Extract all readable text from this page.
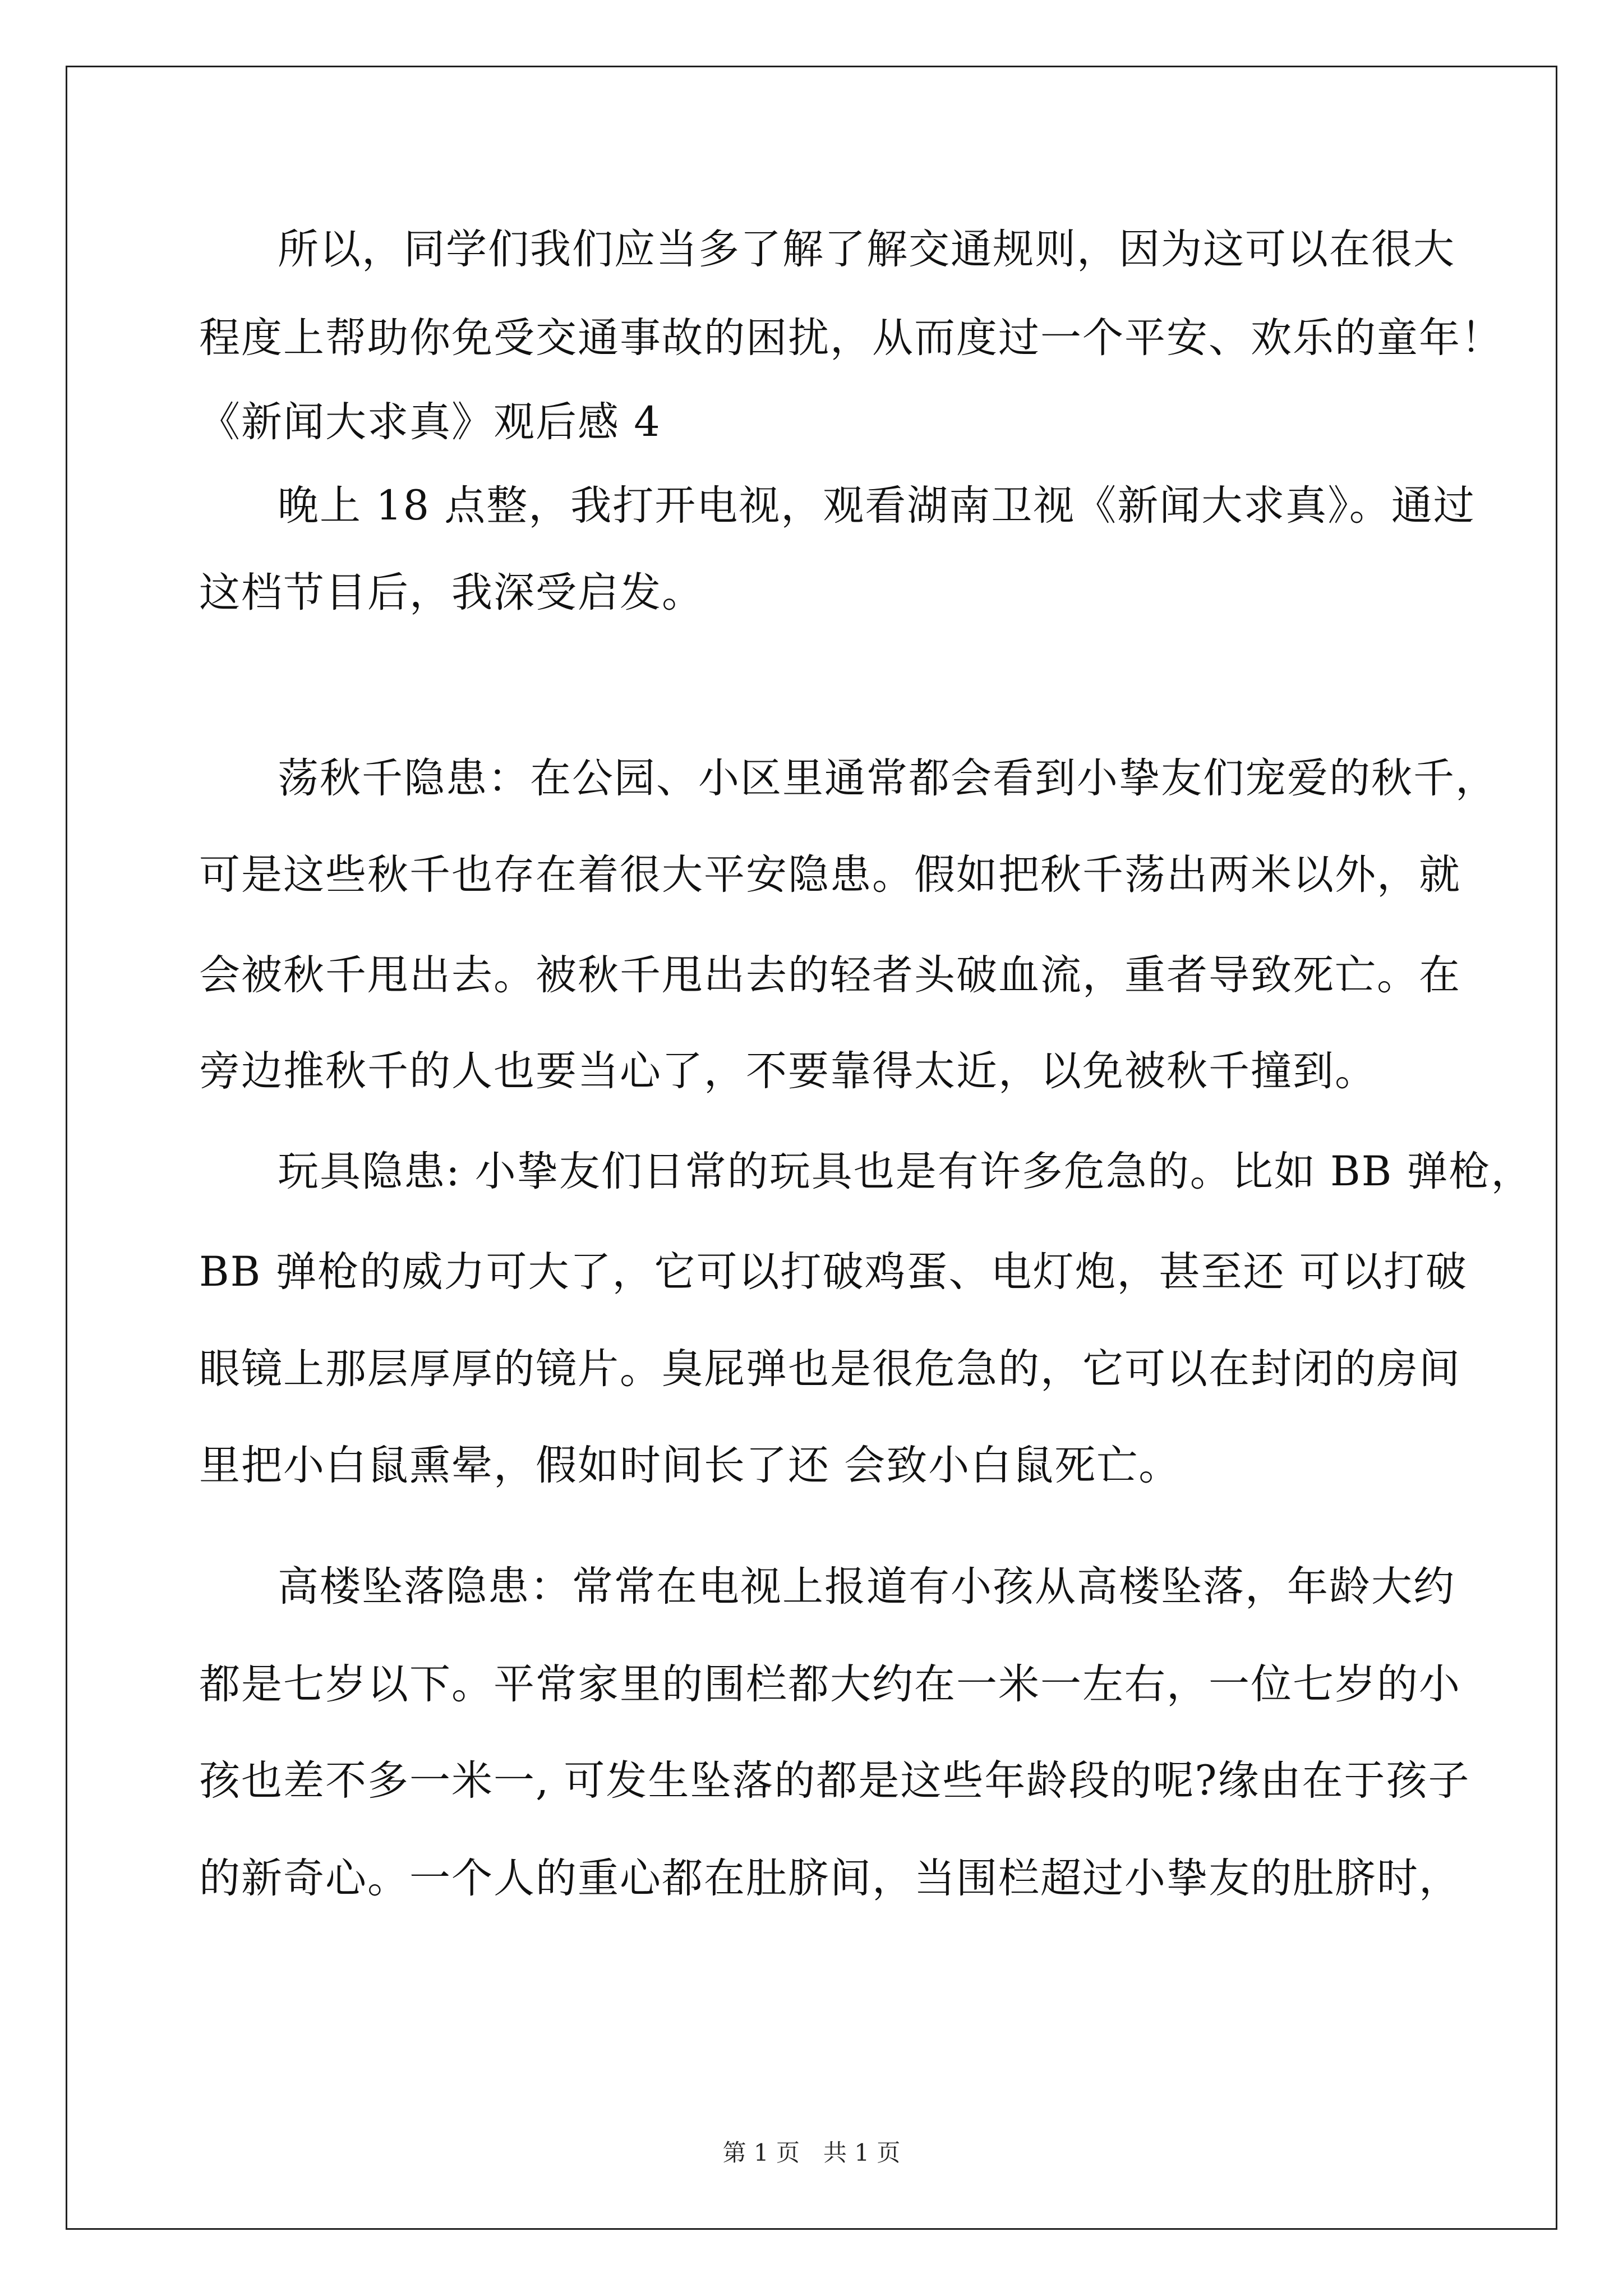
所以，同学们我们应当多了解了解交通规则，因为这可以在很大
程度上帮助你免受交通事故的困扰，从而度过一个平安、欢乐的童年！
《新闻大求真》观后感 4
晚上 18 点整，我打开电视，观看湖南卫视《新闻大求真》。通过
这档节目后，我深受启发。
荡秋千隐患：在公园、小区里通常都会看到小挚友们宠爱的秋千，
可是这些秋千也存在着很大平安隐患。假如把秋千荡出两米以外，就
会被秋千甩出去。被秋千甩出去的轻者头破血流，重者导致死亡。在
旁边推秋千的人也要当心了，不要靠得太近，以免被秋千撞到。
玩具隐患: 小挚友们日常的玩具也是有许多危急的。比如 BB 弹枪，
BB 弹枪的威力可大了，它可以打破鸡蛋、电灯炮，甚至还 可以打破
眼镜上那层厚厚的镜片。臭屁弹也是很危急的，它可以在封闭的房间
里把小白鼠熏晕，假如时间长了还 会致小白鼠死亡。
高楼坠落隐患：常常在电视上报道有小孩从高楼坠落，年龄大约
都是七岁以下。平常家里的围栏都大约在一米一左右，一位七岁的小
孩也差不多一米一, 可发生坠落的都是这些年龄段的呢?缘由在于孩子
的新奇心。一个人的重心都在肚脐间，当围栏超过小挚友的肚脐时，
第 1 页　共 1 页
